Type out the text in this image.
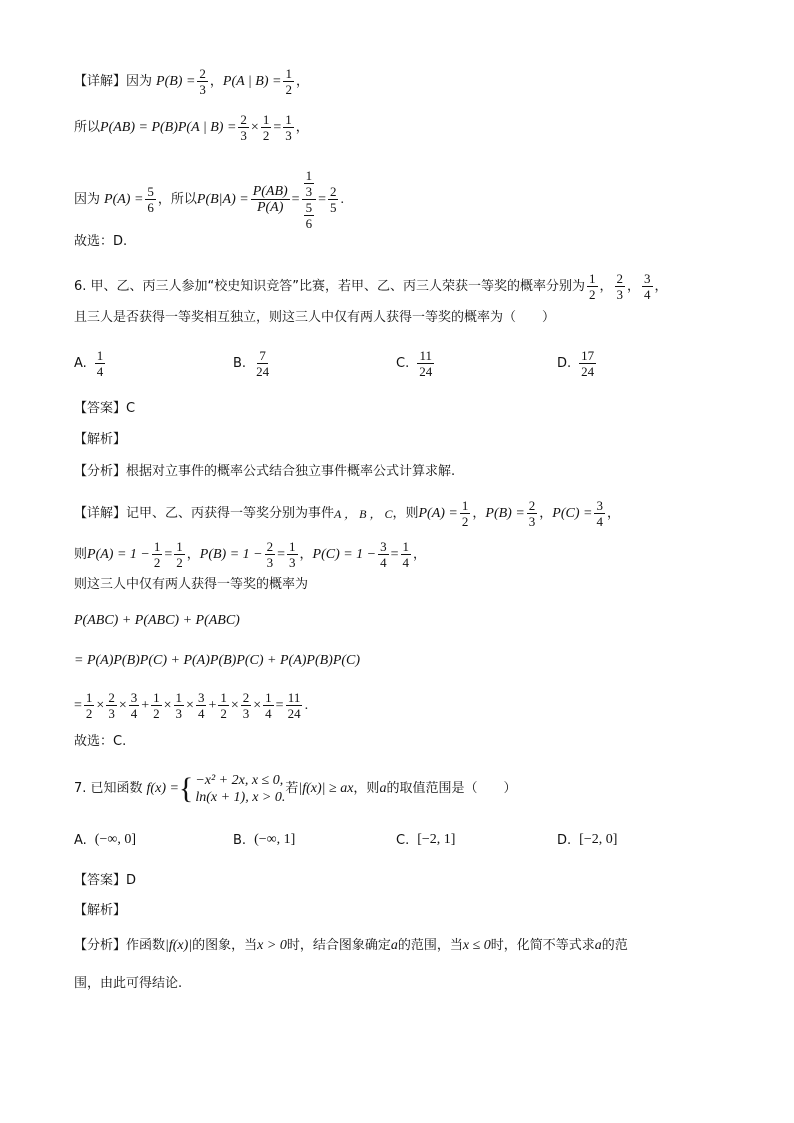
【详解】 因为 $P(B) = \frac{2}{3}$ ， P(A | $B) = \frac{1}{2}$ ，
所以 P(AB) = P(B)P(A | $B) = \frac{2}{3} \times \frac{1}{2} = \frac{1}{3}$ ，
因为 $P(A) = \frac{5}{6}$ ，所以 $P(B|A) = \frac{P(AB)}{P(A)} = \frac{\frac{1}{3}}{\frac{5}{6}} = \frac{2}{5}$ .
故选：D.
6. 甲、乙、丙三人参加“校史知识竞答”比赛，若甲、乙、丙三人荣获一等奖的概率分别为 1
2
， 2
3
， 3
4
，
且三人是否获得一等奖相互独立，则这三人中仅有两人获得一等奖的概率为（　　）
A.
1
4
B.
7
24
C.
11
24
D.
17
24
【答案】 C
【解析】
【分析】 根据对立事件的概率公式结合独立事件概率公式计算求解.
【详解】 记甲、乙、丙获得一等奖分别为事件 A ， B ， C ，则 $P(A) = \frac{1}{2}$ ， $P(B) = \frac{2}{3}$ ， $P(C) = \frac{3}{4}$ ，
则 $P(A) = 1 - \frac{1}{2} = \frac{1}{2}$ ， $P(B) = 1 - \frac{2}{3} = \frac{1}{3}$ ， $P(C) = 1 - \frac{3}{4} = \frac{1}{4}$ ，
则这三人中仅有两人获得一等奖的概率为
P(ABC) + P(ABC) + P(ABC)
= P(A)P(B)P(C) + P(A)P(B)P(C) + P(A)P(B)P(C)
= $\frac{1}{2} \times \frac{2}{3} \times \frac{3}{4} + \frac{1}{2} \times \frac{1}{3} \times \frac{3}{4} + \frac{1}{2} \times \frac{2}{3} \times \frac{1}{4} = \frac{11}{24}$ .
故选：C.
7. 已知函数 f(x) = { −x² + 2x, x ≤ 0,
ln(x + 1), x > 0.
若 |f(x)| ≥ ax ，则 a 的取值范围是（　　）
A. (−∞, 0]	B. (−∞, 1]	C. [−2, 1]	D. [−2, 0]
【答案】 D
【解析】
【分析】 作函数 |f(x)| 的图象，当 x > 0 时，结合图象确定 a 的范围，当 x ≤ 0 时，化简不等式求 a 的范
围，由此可得结论.
